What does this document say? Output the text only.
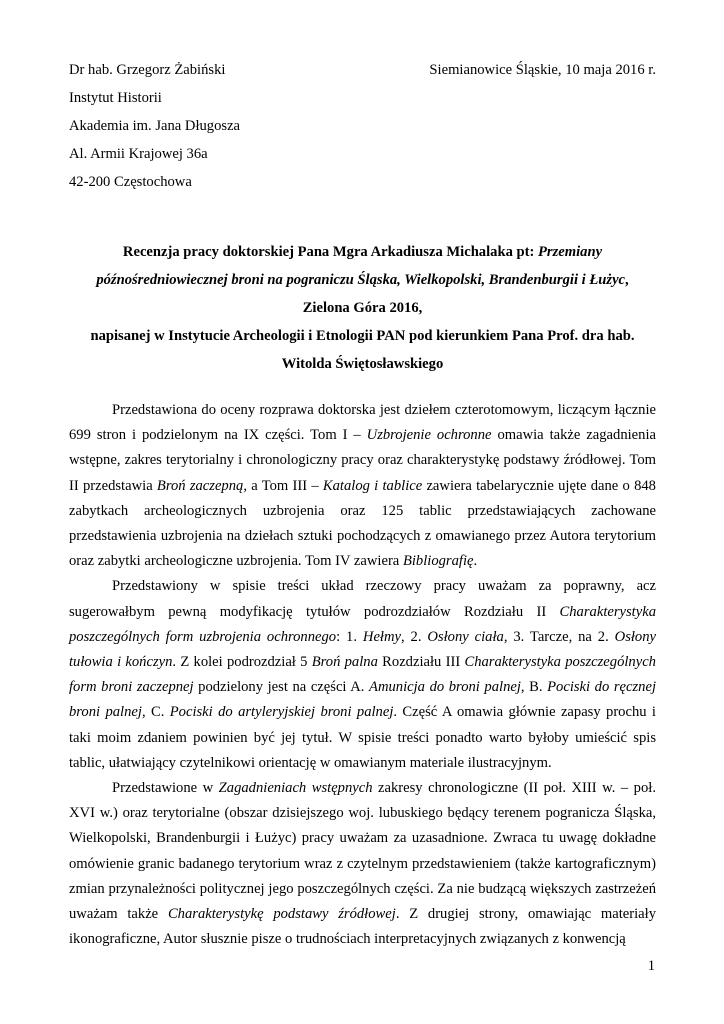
Dr hab. Grzegorz Żabiński
Instytut Historii
Akademia im. Jana Długosza
Al. Armii Krajowej 36a
42-200 Częstochowa
Siemianowice Śląskie, 10 maja 2016 r.
Recenzja pracy doktorskiej Pana Mgra Arkadiusza Michalaka pt: Przemiany
późnośredniowiecznej broni na pograniczu Śląska, Wielkopolski, Brandenburgii i Łużyc,
Zielona Góra 2016,
napisanej w Instytucie Archeologii i Etnologii PAN pod kierunkiem Pana Prof. dra hab.
Witolda Świętosławskiego

Przedstawiona do oceny rozprawa doktorska jest dziełem czterotomowym, liczącym łącznie 699 stron i podzielonym na IX części. Tom I – Uzbrojenie ochronne omawia także zagadnienia wstępne, zakres terytorialny i chronologiczny pracy oraz charakterystykę podstawy źródłowej. Tom II przedstawia Broń zaczepną, a Tom III – Katalog i tablice zawiera tabelarycznie ujęte dane o 848 zabytkach archeologicznych uzbrojenia oraz 125 tablic przedstawiających zachowane przedstawienia uzbrojenia na dziełach sztuki pochodzących z omawianego przez Autora terytorium oraz zabytki archeologiczne uzbrojenia. Tom IV zawiera Bibliografię.

Przedstawiony w spisie treści układ rzeczowy pracy uważam za poprawny, acz sugerowałbym pewną modyfikację tytułów podrozdziałów Rozdziału II Charakterystyka poszczególnych form uzbrojenia ochronnego: 1. Hełmy, 2. Osłony ciała, 3. Tarcze, na 2. Osłony tułowia i kończyn. Z kolei podrozdział 5 Broń palna Rozdziału III Charakterystyka poszczególnych form broni zaczepnej podzielony jest na części A. Amunicja do broni palnej, B. Pociski do ręcznej broni palnej, C. Pociski do artyleryjskiej broni palnej. Część A omawia głównie zapasy prochu i taki moim zdaniem powinien być jej tytuł. W spisie treści ponadto warto byłoby umieścić spis tablic, ułatwiający czytelnikowi orientację w omawianym materiale ilustracyjnym.

Przedstawione w Zagadnieniach wstępnych zakresy chronologiczne (II poł. XIII w. – poł. XVI w.) oraz terytorialne (obszar dzisiejszego woj. lubuskiego będący terenem pogranicza Śląska, Wielkopolski, Brandenburgii i Łużyc) pracy uważam za uzasadnione. Zwraca tu uwagę dokładne omówienie granic badanego terytorium wraz z czytelnym przedstawieniem (także kartograficznym) zmian przynależności politycznej jego poszczególnych części. Za nie budzącą większych zastrzeżeń uważam także Charakterystykę podstawy źródłowej. Z drugiej strony, omawiając materiały ikonograficzne, Autor słusznie pisze o trudnościach interpretacyjnych związanych z konwencją

1
